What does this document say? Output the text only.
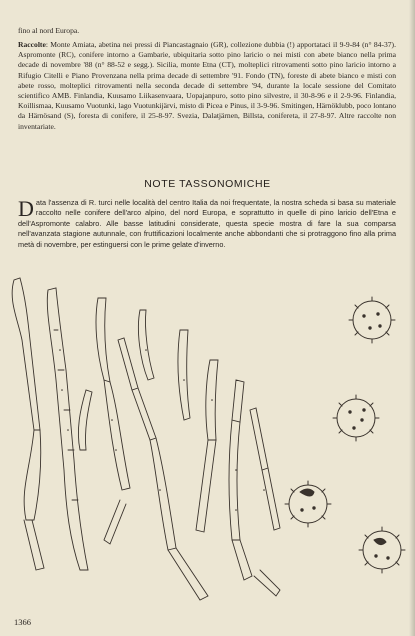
fino al nord Europa.

Raccolte: Monte Amiata, abetina nei pressi di Piancastagnaio (GR), collezione dubbia (!) apportataci il 9-9-84 (n° 84-37). Aspromonte (RC), conifere intorno a Gambarie, ubiquitaria sotto pino laricio o nei misti con abete bianco nella prima decade di novembre '88 (n° 88-52 e segg.). Sicilia, monte Etna (CT), molteplici ritrovamenti sotto pino laricio intorno a Rifugio Citelli e Piano Provenzana nella prima decade di settembre '91. Fondo (TN), foreste di abete bianco e misti con abete rosso, molteplici ritrovamenti nella seconda decade di settembre '94, durante la locale sessione del Comitato scientifico AMB. Finlandia, Kuusamo Liikasenvaara, Uopajanpuro, sotto pino silvestre, il 30-8-96 e il 2-9-96. Finlandia, Koillismaa, Kuusamo Vuotunki, lago Vuotunkijärvi, misto di Picea e Pinus, il 3-9-96. Smitingen, Härnöklubb, poco lontano da Härnösand (S), foresta di conifere, il 25-8-97. Svezia, Dalatjärnen, Billsta, conifereta, il 27-8-97. Altre raccolte non inventariate.

NOTE TASSONOMICHE

Data l'assenza di R. turci nelle località del centro Italia da noi frequentate, la nostra scheda si basa su materiale raccolto nelle conifere dell'arco alpino, del nord Europa, e soprattutto in quelle di pino laricio dell'Etna e dell'Aspromonte calabro. Alle basse latitudini considerate, questa specie mostra di fare la sua comparsa nell'avanzata stagione autunnale, con fruttificazioni localmente anche abbondanti che si protraggono fino alla prima metà di novembre, per estinguersi con le prime gelate d'inverno.

1366
